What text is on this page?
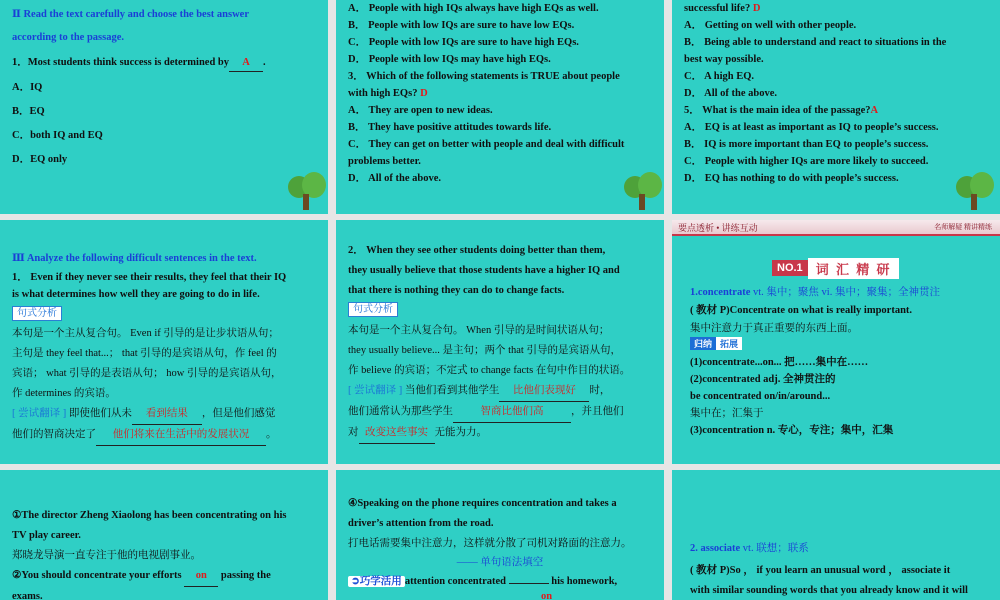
Ⅱ Read the text carefully and choose the best answer
according to the passage.
1．Most students think success is determined by A .
A．IQ
B．EQ
C．both IQ and EQ
D．EQ only
A． People with high IQs always have high EQs as well.
B． People with low IQs are sure to have low EQs.
C． People with low IQs are sure to have high EQs.
D． People with low IQs may have high EQs.
3． Which of the following statements is TRUE about people
with high EQs? D
A． They are open to new ideas.
B． They have positive attitudes towards life.
C． They can get on better with people and deal with difficult
problems better.
D． All of the above.
successful life? D
A． Getting on well with other people.
B． Being able to understand and react to situations in the
best way possible.
C． A high EQ.
D． All of the above.
5． What is the main idea of the passage?A
A． EQ is at least as important as IQ to people’s success.
B． IQ is more important than EQ to people’s success.
C． People with higher IQs are more likely to succeed.
D． EQ has nothing to do with people’s success.
Ⅲ Analyze the following difficult sentences in the text.
1． Even if they never see their results, they feel that their IQ
is what determines how well they are going to do in life.
句式分析
本句是一个主从复合句。 Even if 引导的是让步状语从句；
主句是 they feel that...； that 引导的是宾语从句，作 feel 的
宾语； what 引导的是表语从句； how 引导的是宾语从句，
作 determines 的宾语。
[ 尝试翻译 ] 即使他们从未 看到结果 ，但是他们感觉
他们的智商决定了 他们将来在生活中的发展状况 。
2． When they see other students doing better than them,
they usually believe that those students have a higher IQ and
that there is nothing they can do to change facts.
句式分析
本句是一个主从复合句。 When 引导的是时间状语从句；
they usually believe... 是主句；两个 that 引导的是宾语从句，
作 believe 的宾语；不定式 to change facts 在句中作目的状语。
[ 尝试翻译 ] 当他们看到其他学生 比他们表现好 时，
他们通常认为那些学生	智商比他们高	，并且他们
对 改变这些事实 无能为力。
要点透析 • 讲练互动	名师解疑 精讲精练
NO.1	词 汇 精 研
1.concentrate vt. 集中；聚焦 vi. 集中；聚集；全神贯注
( 教材 P)Concentrate on what is really important.
集中注意力于真正重要的东西上面。
归纳 拓展
(1)concentrate...on... 把……集中在……
(2)concentrated adj. 全神贯注的
be concentrated on/in/around...
集中在；汇集于
(3)concentration n. 专心，专注；集中，汇集
①The director Zheng Xiaolong has been concentrating on his
TV play career.
郑晓龙导演一直专注于他的电视剧事业。
②You should concentrate your efforts on passing the
exams.
④Speaking on the phone requires concentration and takes a
driver’s attention from the road.
打电话需要集中注意力，这样就分散了司机对路面的注意力。
—— 单句语法填空
➲巧学活用 attention concentrated	his homework,
on
2. associate vt. 联想；联系
( 教材 P)So ， if you learn an unusual word ， associate it
with similar sounding words that you already know and it will
